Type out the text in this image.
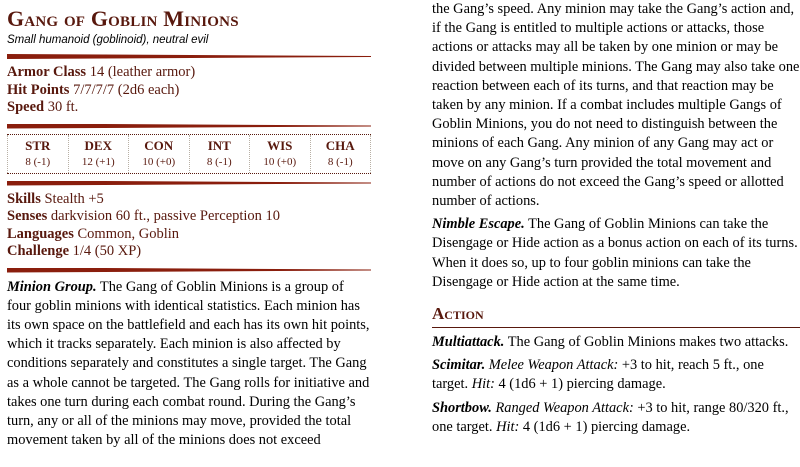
Gang of Goblin Minions
Small humanoid (goblinoid), neutral evil
Armor Class 14 (leather armor)
Hit Points 7/7/7/7 (2d6 each)
Speed 30 ft.
STR
8 (-1)
DEX
12 (+1)
CON
10 (+0)
INT
8 (-1)
WIS
10 (+0)
CHA
8 (-1)
Skills Stealth +5
Senses darkvision 60 ft., passive Perception 10
Languages Common, Goblin
Challenge 1/4 (50 XP)

Minion Group. The Gang of Goblin Minions is a group of four goblin minions with identical statistics. Each minion has its own space on the battlefield and each has its own hit points, which it tracks separately. Each minion is also affected by conditions separately and constitutes a single target. The Gang as a whole cannot be targeted. The Gang rolls for initiative and takes one turn during each combat round. During the Gang’s turn, any or all of the minions may move, provided the total movement taken by all of the minions does not exceed

the Gang’s speed. Any minion may take the Gang’s action and, if the Gang is entitled to multiple actions or attacks, those actions or attacks may all be taken by one minion or may be divided between multiple minions. The Gang may also take one reaction between each of its turns, and that reaction may be taken by any minion. If a combat includes multiple Gangs of Goblin Minions, you do not need to distinguish between the minions of each Gang. Any minion of any Gang may act or move on any Gang’s turn provided the total movement and number of actions do not exceed the Gang’s speed or allotted number of actions.

Nimble Escape. The Gang of Goblin Minions can take the Disengage or Hide action as a bonus action on each of its turns. When it does so, up to four goblin minions can take the Disengage or Hide action at the same time.

Action

Multiattack. The Gang of Goblin Minions makes two attacks.

Scimitar. Melee Weapon Attack: +3 to hit, reach 5 ft., one target. Hit: 4 (1d6 + 1) piercing damage.

Shortbow. Ranged Weapon Attack: +3 to hit, range 80/320 ft., one target. Hit: 4 (1d6 + 1) piercing damage.
